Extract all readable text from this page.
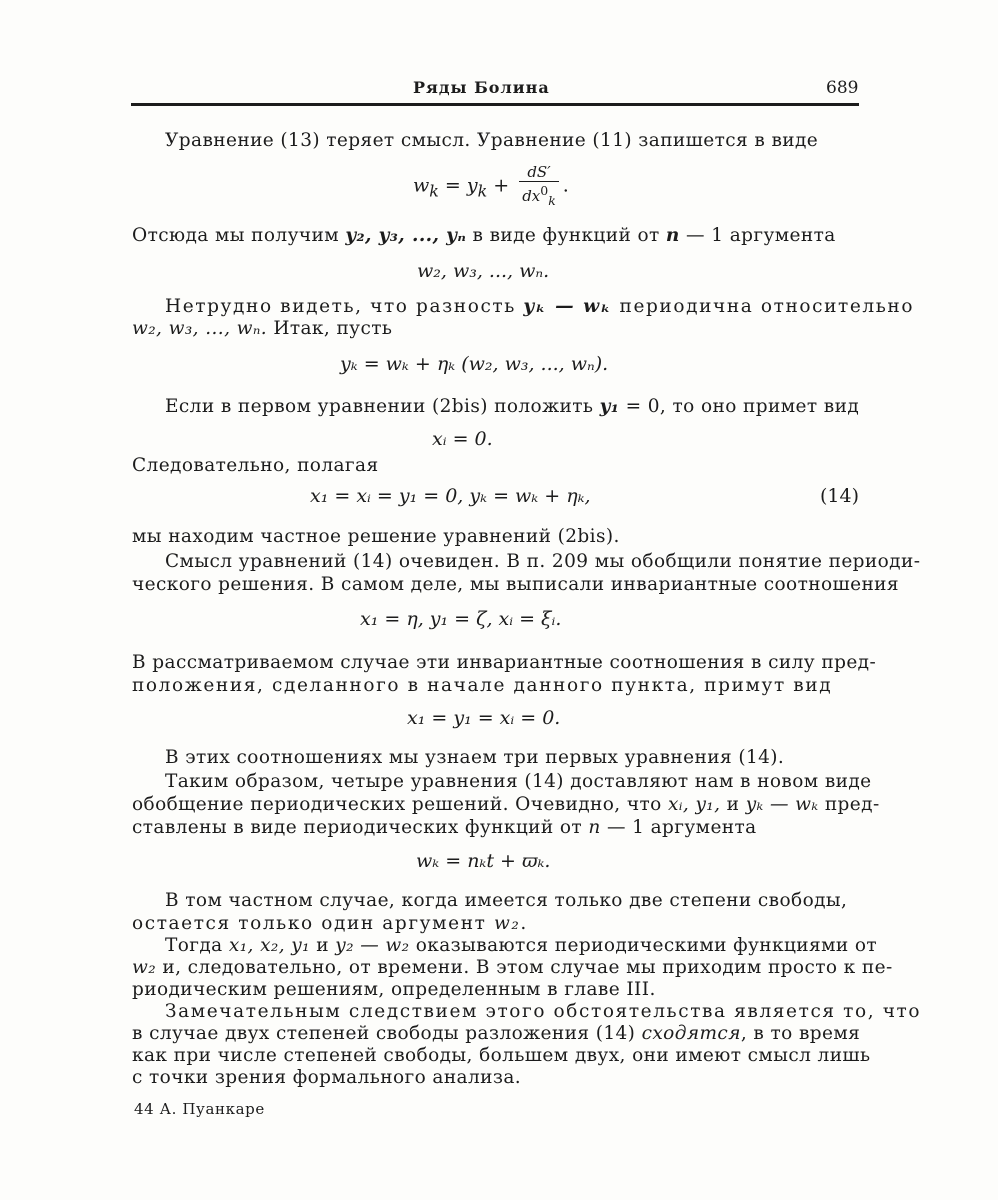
Ряды Болина	689
Уравнение (13) теряет смысл. Уравнение (11) запишется в виде
$w_k = y_k + \frac{dS'}{dx^0_k}$ .
Отсюда мы получим y₂, y₃, ..., yₙ в виде функций от n — 1 аргумента
w₂, w₃, ..., wₙ.
Нетрудно видеть, что разность yₖ — wₖ периодична относительно
w₂, w₃, ..., wₙ. Итак, пусть
yₖ = wₖ + ηₖ (w₂, w₃, ..., wₙ).
Если в первом уравнении (2bis) положить y₁ = 0, то оно примет вид
xᵢ = 0.
Следовательно, полагая
x₁ = xᵢ = y₁ = 0, yₖ = wₖ + ηₖ,	(14)
мы находим частное решение уравнений (2bis).
Смысл уравнений (14) очевиден. В п. 209 мы обобщили понятие периоди-
ческого решения. В самом деле, мы выписали инвариантные соотношения
x₁ = η, y₁ = ζ, xᵢ = ξᵢ.
В рассматриваемом случае эти инвариантные соотношения в силу пред-
положения, сделанного в начале данного пункта, примут вид
x₁ = y₁ = xᵢ = 0.
В этих соотношениях мы узнаем три первых уравнения (14).
Таким образом, четыре уравнения (14) доставляют нам в новом виде
обобщение периодических решений. Очевидно, что xᵢ, y₁, и yₖ — wₖ пред-
ставлены в виде периодических функций от n — 1 аргумента
wₖ = nₖt + ϖₖ.
В том частном случае, когда имеется только две степени свободы,
остается только один аргумент w₂.
Тогда x₁, x₂, y₁ и y₂ — w₂ оказываются периодическими функциями от
w₂ и, следовательно, от времени. В этом случае мы приходим просто к пе-
риодическим решениям, определенным в главе III.
Замечательным следствием этого обстоятельства является то, что
в случае двух степеней свободы разложения (14) сходятся, в то время
как при числе степеней свободы, большем двух, они имеют смысл лишь
с точки зрения формального анализа.
44 А. Пуанкаре
